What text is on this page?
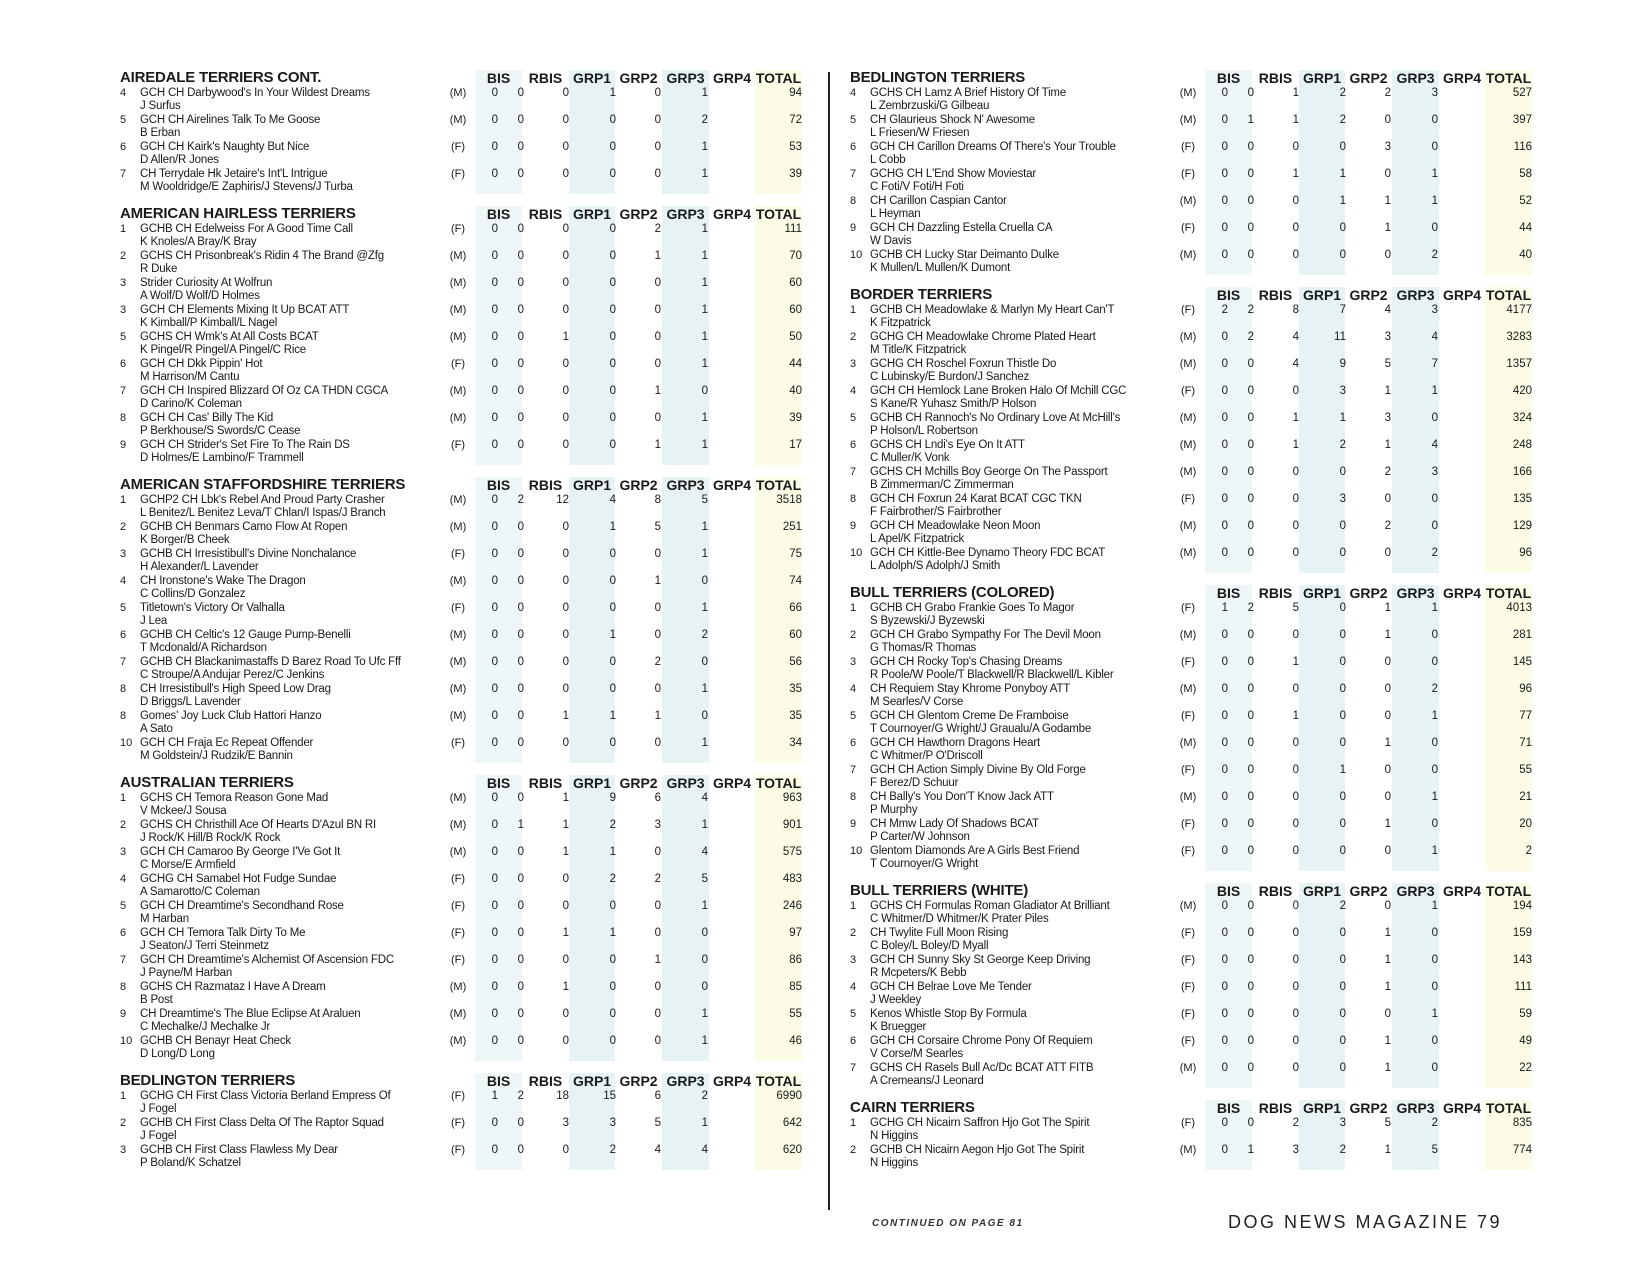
AIREDALE TERRIERS CONT.	BIS	RBIS GRP1 GRP2 GRP3 GRP4 TOTAL
4	GCH CH Darbywood's In Your Wildest Dreams
J Surfus
(M)	0	0	0	1	0	1	94
5	GCH CH Airelines Talk To Me Goose
B Erban
(M)	0	0	0	0	0	2	72
6	GCH CH Kairk's Naughty But Nice
D Allen/R Jones
(F)	0	0	0	0	0	1	53
7	CH Terrydale Hk Jetaire's Int'L Intrigue
M Wooldridge/E Zaphiris/J Stevens/J Turba
(F)	0	0	0	0	0	1	39
AMERICAN HAIRLESS TERRIERS	BIS	RBIS GRP1 GRP2 GRP3 GRP4 TOTAL
1	GCHB CH Edelweiss For A Good Time Call
K Knoles/A Bray/K Bray
(F)	0	0	0	0	2	1	111
2	GCHS CH Prisonbreak's Ridin 4 The Brand @Zfg
R Duke
(M)	0	0	0	0	1	1	70
3	Strider Curiosity At Wolfrun
A Wolf/D Wolf/D Holmes
(M)	0	0	0	0	0	1	60
3	GCH CH Elements Mixing It Up BCAT ATT
K Kimball/P Kimball/L Nagel
(M)	0	0	0	0	0	1	60
5	GCHS CH Wmk's At All Costs BCAT
K Pingel/R Pingel/A Pingel/C Rice
(M)	0	0	1	0	0	1	50
6	GCH CH Dkk Pippin' Hot
M Harrison/M Cantu
(F)	0	0	0	0	0	1	44
7	GCH CH Inspired Blizzard Of Oz CA THDN CGCA
D Carino/K Coleman
(M)	0	0	0	0	1	0	40
8	GCH CH Cas' Billy The Kid
P Berkhouse/S Swords/C Cease
(M)	0	0	0	0	0	1	39
9	GCH CH Strider's Set Fire To The Rain DS
D Holmes/E Lambino/F Trammell
(F)	0	0	0	0	1	1	17
AMERICAN STAFFORDSHIRE TERRIERS	BIS	RBIS GRP1 GRP2 GRP3 GRP4 TOTAL
1	GCHP2 CH Lbk's Rebel And Proud Party Crasher
L Benitez/L Benitez Leva/T Chlan/I Ispas/J Branch
(M)	0	2	12	4	8	5	3518
2	GCHB CH Benmars Camo Flow At Ropen
K Borger/B Cheek
(M)	0	0	0	1	5	1	251
3	GCHB CH Irresistibull's Divine Nonchalance
H Alexander/L Lavender
(F)	0	0	0	0	0	1	75
4	CH Ironstone's Wake The Dragon
C Collins/D Gonzalez
(M)	0	0	0	0	1	0	74
5	Titletown's Victory Or Valhalla
J Lea
(F)	0	0	0	0	0	1	66
6	GCHB CH Celtic's 12 Gauge Pump-Benelli
T Mcdonald/A Richardson
(M)	0	0	0	1	0	2	60
7	GCHB CH Blackanimastaffs D Barez Road To Ufc Fff
C Stroupe/A Andujar Perez/C Jenkins
(M)	0	0	0	0	2	0	56
8	CH Irresistibull's High Speed Low Drag
D Briggs/L Lavender
(M)	0	0	0	0	0	1	35
8	Gomes' Joy Luck Club Hattori Hanzo
A Sato
(M)	0	0	1	1	1	0	35
10 GCH CH Fraja Ec Repeat Offender
M Goldstein/J Rudzik/E Bannin
(F)	0	0	0	0	0	1	34
AUSTRALIAN TERRIERS	BIS	RBIS GRP1 GRP2 GRP3 GRP4 TOTAL
1	GCHS CH Temora Reason Gone Mad
V Mckee/J Sousa
(M)	0	0	1	9	6	4	963
2	GCHS CH Christhill Ace Of Hearts D'Azul BN RI
J Rock/K Hill/B Rock/K Rock
(M)	0	1	1	2	3	1	901
3	GCH CH Camaroo By George I'Ve Got It
C Morse/E Armfield
(M)	0	0	1	1	0	4	575
4	GCHG CH Samabel Hot Fudge Sundae
A Samarotto/C Coleman
(F)	0	0	0	2	2	5	483
5	GCH CH Dreamtime's Secondhand Rose
M Harban
(F)	0	0	0	0	0	1	246
6	GCH CH Temora Talk Dirty To Me
J Seaton/J Terri Steinmetz
(F)	0	0	1	1	0	0	97
7	GCH CH Dreamtime's Alchemist Of Ascension FDC
J Payne/M Harban
(F)	0	0	0	0	1	0	86
8	GCHS CH Razmataz I Have A Dream
B Post
(M)	0	0	1	0	0	0	85
9	CH Dreamtime's The Blue Eclipse At Araluen
C Mechalke/J Mechalke Jr
(M)	0	0	0	0	0	1	55
10 GCHB CH Benayr Heat Check
D Long/D Long
(M)	0	0	0	0	0	1	46
BEDLINGTON TERRIERS	BIS	RBIS GRP1 GRP2 GRP3 GRP4 TOTAL
1	GCHG CH First Class Victoria Berland Empress Of
J Fogel
(F)	1	2	18	15	6	2	6990
2	GCHB CH First Class Delta Of The Raptor Squad
J Fogel
(F)	0	0	3	3	5	1	642
3	GCHB CH First Class Flawless My Dear
P Boland/K Schatzel
(F)	0	0	0	2	4	4	620
BEDLINGTON TERRIERS	BIS	RBIS GRP1 GRP2 GRP3 GRP4 TOTAL
4	GCHS CH Lamz A Brief History Of Time
L Zembrzuski/G Gilbeau
(M)	0	0	1	2	2	3	527
5	CH Glaurieus Shock N' Awesome
L Friesen/W Friesen
(M)	0	1	1	2	0	0	397
6	GCH CH Carillon Dreams Of There's Your Trouble
L Cobb
(F)	0	0	0	0	3	0	116
7	GCHG CH L'End Show Moviestar
C Foti/V Foti/H Foti
(F)	0	0	1	1	0	1	58
8	CH Carillon Caspian Cantor
L Heyman
(M)	0	0	0	1	1	1	52
9	GCH CH Dazzling Estella Cruella CA
W Davis
(F)	0	0	0	0	1	0	44
10 GCHB CH Lucky Star Deimanto Dulke
K Mullen/L Mullen/K Dumont
(M)	0	0	0	0	0	2	40
BORDER TERRIERS	BIS	RBIS GRP1 GRP2 GRP3 GRP4 TOTAL
1	GCHB CH Meadowlake & Marlyn My Heart Can'T
K Fitzpatrick
(F)	2	2	8	7	4	3	4177
2	GCHG CH Meadowlake Chrome Plated Heart
M Title/K Fitzpatrick
(M)	0	2	4	11	3	4	3283
3	GCHG CH Roschel Foxrun Thistle Do
C Lubinsky/E Burdon/J Sanchez
(M)	0	0	4	9	5	7	1357
4	GCH CH Hemlock Lane Broken Halo Of Mchill CGC
S Kane/R Yuhasz Smith/P Holson
(F)	0	0	0	3	1	1	420
5	GCHB CH Rannoch's No Ordinary Love At McHill's
P Holson/L Robertson
(M)	0	0	1	1	3	0	324
6	GCHS CH Lndi's Eye On It ATT
C Muller/K Vonk
(M)	0	0	1	2	1	4	248
7	GCHS CH Mchills Boy George On The Passport
B Zimmerman/C Zimmerman
(M)	0	0	0	0	2	3	166
8	GCH CH Foxrun 24 Karat BCAT CGC TKN
F Fairbrother/S Fairbrother
(F)	0	0	0	3	0	0	135
9	GCH CH Meadowlake Neon Moon
L Apel/K Fitzpatrick
(M)	0	0	0	0	2	0	129
10 GCH CH Kittle-Bee Dynamo Theory FDC BCAT
L Adolph/S Adolph/J Smith
(M)	0	0	0	0	0	2	96
BULL TERRIERS (COLORED)	BIS	RBIS GRP1 GRP2 GRP3 GRP4 TOTAL
1	GCHB CH Grabo Frankie Goes To Magor
S Byzewski/J Byzewski
(F)	1	2	5	0	1	1	4013
2	GCH CH Grabo Sympathy For The Devil Moon
G Thomas/R Thomas
(M)	0	0	0	0	1	0	281
3	GCH CH Rocky Top's Chasing Dreams
R Poole/W Poole/T Blackwell/R Blackwell/L Kibler
(F)	0	0	1	0	0	0	145
4	CH Requiem Stay Khrome Ponyboy ATT
M Searles/V Corse
(M)	0	0	0	0	0	2	96
5	GCH CH Glentom Creme De Framboise
T Cournoyer/G Wright/J Graualu/A Godambe
(F)	0	0	1	0	0	1	77
6	GCH CH Hawthorn Dragons Heart
C Whitmer/P O'Driscoll
(M)	0	0	0	0	1	0	71
7	GCH CH Action Simply Divine By Old Forge
F Berez/D Schuur
(F)	0	0	0	1	0	0	55
8	CH Bally's You Don'T Know Jack ATT
P Murphy
(M)	0	0	0	0	0	1	21
9	CH Mmw Lady Of Shadows BCAT
P Carter/W Johnson
(F)	0	0	0	0	1	0	20
10 Glentom Diamonds Are A Girls Best Friend
T Cournoyer/G Wright
(F)	0	0	0	0	0	1	2
BULL TERRIERS (WHITE)	BIS	RBIS GRP1 GRP2 GRP3 GRP4 TOTAL
1	GCHS CH Formulas Roman Gladiator At Brilliant
C Whitmer/D Whitmer/K Prater Piles
(M)	0	0	0	2	0	1	194
2	CH Twylite Full Moon Rising
C Boley/L Boley/D Myall
(F)	0	0	0	0	1	0	159
3	GCH CH Sunny Sky St George Keep Driving
R Mcpeters/K Bebb
(F)	0	0	0	0	1	0	143
4	GCH CH Belrae Love Me Tender
J Weekley
(F)	0	0	0	0	1	0	111
5	Kenos Whistle Stop By Formula
K Bruegger
(F)	0	0	0	0	0	1	59
6	GCH CH Corsaire Chrome Pony Of Requiem
V Corse/M Searles
(F)	0	0	0	0	1	0	49
7	GCHS CH Rasels Bull Ac/Dc BCAT ATT FITB
A Cremeans/J Leonard
(M)	0	0	0	0	1	0	22
CAIRN TERRIERS	BIS	RBIS GRP1 GRP2 GRP3 GRP4 TOTAL
1	GCHG CH Nicairn Saffron Hjo Got The Spirit
N Higgins
(F)	0	0	2	3	5	2	835
2	GCHB CH Nicairn Aegon Hjo Got The Spirit
N Higgins
(M)	0	1	3	2	1	5	774
CONTINUED ON PAGE 81	DOG NEWS MAGAZINE 79
